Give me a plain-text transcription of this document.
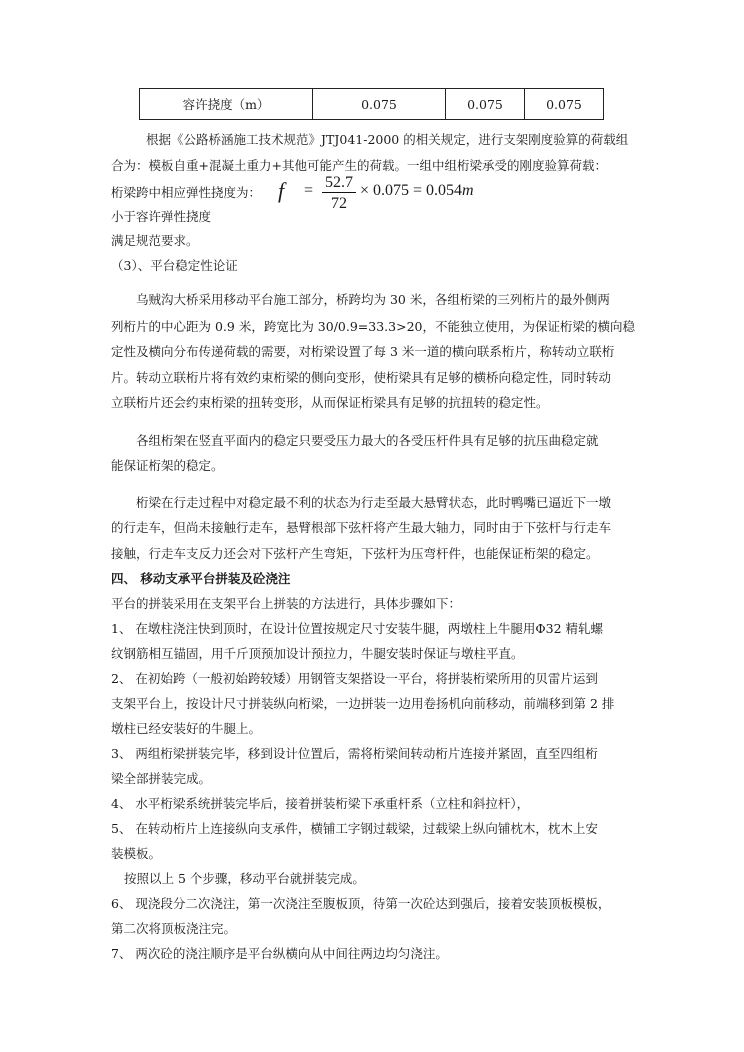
容许挠度（m）	0.075	0.075	0.075
根据《公路桥涵施工技术规范》JTJ041-2000 的相关规定，进行支架刚度验算的荷载组
合为：模板自重+混凝土重力+其他可能产生的荷载。一组中组桁梁承受的刚度验算荷载：
桁梁跨中相应弹性挠度为： $f = \frac{52.7}{72} \times 0.075 = 0.054m$
小于容许弹性挠度
满足规范要求。
（3）、平台稳定性论证
乌贼沟大桥采用移动平台施工部分，桥跨均为 30 米，各组桁梁的三列桁片的最外侧两
列桁片的中心距为 0.9 米，跨宽比为 30/0.9=33.3>20，不能独立使用，为保证桁梁的横向稳
定性及横向分布传递荷载的需要，对桁梁设置了每 3 米一道的横向联系桁片，称转动立联桁
片。转动立联桁片将有效约束桁梁的侧向变形，使桁梁具有足够的横桥向稳定性，同时转动
立联桁片还会约束桁梁的扭转变形，从而保证桁梁具有足够的抗扭转的稳定性。
各组桁架在竖直平面内的稳定只要受压力最大的各受压杆件具有足够的抗压曲稳定就
能保证桁架的稳定。
桁梁在行走过程中对稳定最不利的状态为行走至最大悬臂状态，此时鸭嘴已逼近下一墩
的行走车，但尚未接触行走车，悬臂根部下弦杆将产生最大轴力，同时由于下弦杆与行走车
接触，行走车支反力还会对下弦杆产生弯矩，下弦杆为压弯杆件，也能保证桁架的稳定。
四、 移动支承平台拼装及砼浇注
平台的拼装采用在支架平台上拼装的方法进行，具体步骤如下：
1、 在墩柱浇注快到顶时，在设计位置按规定尺寸安装牛腿，两墩柱上牛腿用Φ32 精轧螺
纹钢筋相互锚固，用千斤顶预加设计预拉力，牛腿安装时保证与墩柱平直。
2、 在初始跨（一般初始跨较矮）用钢管支架搭设一平台，将拼装桁梁所用的贝雷片运到
支架平台上，按设计尺寸拼装纵向桁梁，一边拼装一边用卷扬机向前移动，前端移到第 2 排
墩柱已经安装好的牛腿上。
3、 两组桁梁拼装完毕，移到设计位置后，需将桁梁间转动桁片连接并紧固，直至四组桁
梁全部拼装完成。
4、 水平桁梁系统拼装完毕后，接着拼装桁梁下承重杆系（立柱和斜拉杆），
5、 在转动桁片上连接纵向支承件，横铺工字钢过载梁，过载梁上纵向铺枕木，枕木上安
装模板。
按照以上 5 个步骤，移动平台就拼装完成。
6、 现浇段分二次浇注，第一次浇注至腹板顶，待第一次砼达到强后，接着安装顶板模板，
第二次将顶板浇注完。
7、 两次砼的浇注顺序是平台纵横向从中间往两边均匀浇注。
